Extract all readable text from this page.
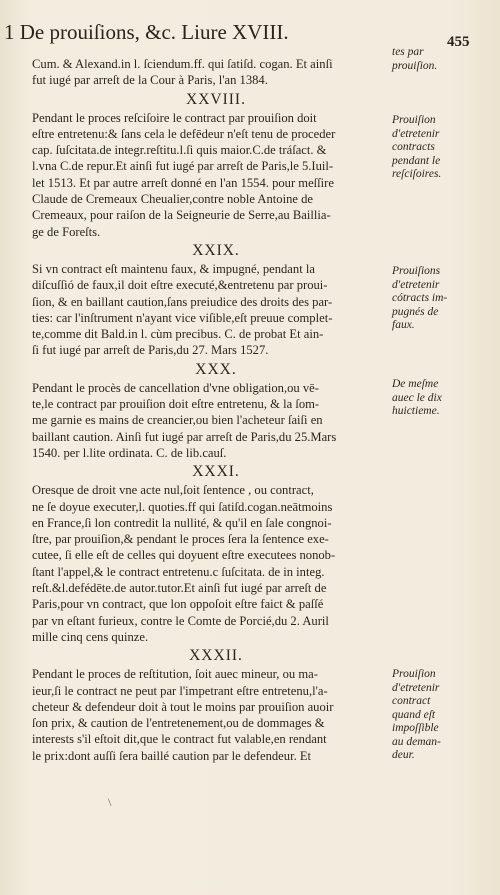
1 De prouiſions, &c. Liure XVIII.	455
Cum. & Alexand.in l. ſciendum.ff. qui ſatiſd. cogan. Et ainſi
fut iugé par arreſt de la Cour à Paris, l'an 1384.
XXVIII.
Pendant le proces reſciſoire le contract par prouiſion doit
eſtre entretenu:& ſans cela le defēdeur n'eſt tenu de proceder
cap. ſuſcitata.de integr.reſtitu.l.ſi quis maior.C.de tráſact. &
l.vna C.de repur.Et ainſi fut iugé par arreſt de Paris,le 5.Iuil-
let 1513. Et par autre arreſt donné en l'an 1554. pour meſſire
Claude de Cremeaux Cheualier,contre noble Antoine de
Cremeaux, pour raiſon de la Seigneurie de Serre,au Baillia-
ge de Foreſts.
XXIX.
Si vn contract eſt maintenu faux, & impugné, pendant la
diſcuſſió de faux,il doit eſtre executé,&entretenu par proui-
ſion, & en baillant caution,ſans preiudice des droits des par-
ties: car l'inſtrument n'ayant vice viſible,eſt preuue complet-
te,comme dit Bald.in l. cùm precibus. C. de probat Et ain-
ſi fut iugé par arreſt de Paris,du 27. Mars 1527.
XXX.
Pendant le procès de cancellation d'vne obligation,ou vē-
te,le contract par prouiſion doit eſtre entretenu, & la ſom-
me garnie es mains de creancier,ou bien l'acheteur ſaiſi en
baillant caution. Ainſi fut iugé par arreſt de Paris,du 25.Mars
1540. per l.lite ordinata. C. de lib.cauſ.
XXXI.
Oresque de droit vne acte nul,ſoit ſentence , ou contract,
ne ſe doyue executer,l. quoties.ff qui ſatiſd.cogan.neātmoins
en France,ſi lon contredit la nullité, & qu'il en ſale congnoi-
ſtre, par prouiſion,& pendant le proces ſera la ſentence exe-
cutee, ſi elle eſt de celles qui doyuent eſtre executees nonob-
ſtant l'appel,& le contract entretenu.c ſuſcitata. de in integ.
reſt.&l.defédēte.de autor.tutor.Et ainſi fut iugé par arreſt de
Paris,pour vn contract, que lon oppoſoit eſtre faict & paſſé
par vn eſtant furieux, contre le Comte de Porcié,du 2. Auril
mille cinq cens quinze.
XXXII.
Pendant le proces de reſtitution, ſoit auec mineur, ou ma-
ieur,ſi le contract ne peut par l'impetrant eſtre entretenu,l'a-
cheteur & defendeur doit à tout le moins par prouiſion auoir
ſon prix, & caution de l'entretenement,ou de dommages &
interests s'il eſtoit dit,que le contract fut valable,en rendant
le prix:dont auſſi ſera baillé caution par le defendeur. Et
tes par
prouiſion.
Prouiſion
d'etretenir
contracts
pendant le
reſciſoires.
Prouiſions
d'etretenir
cótracts im-
pugnés de
faux.
De meſme
auec le dix
huictieme.
Prouiſion
d'etretenir
contract
quand eſt
impoſſible
au deman-
deur.
\
